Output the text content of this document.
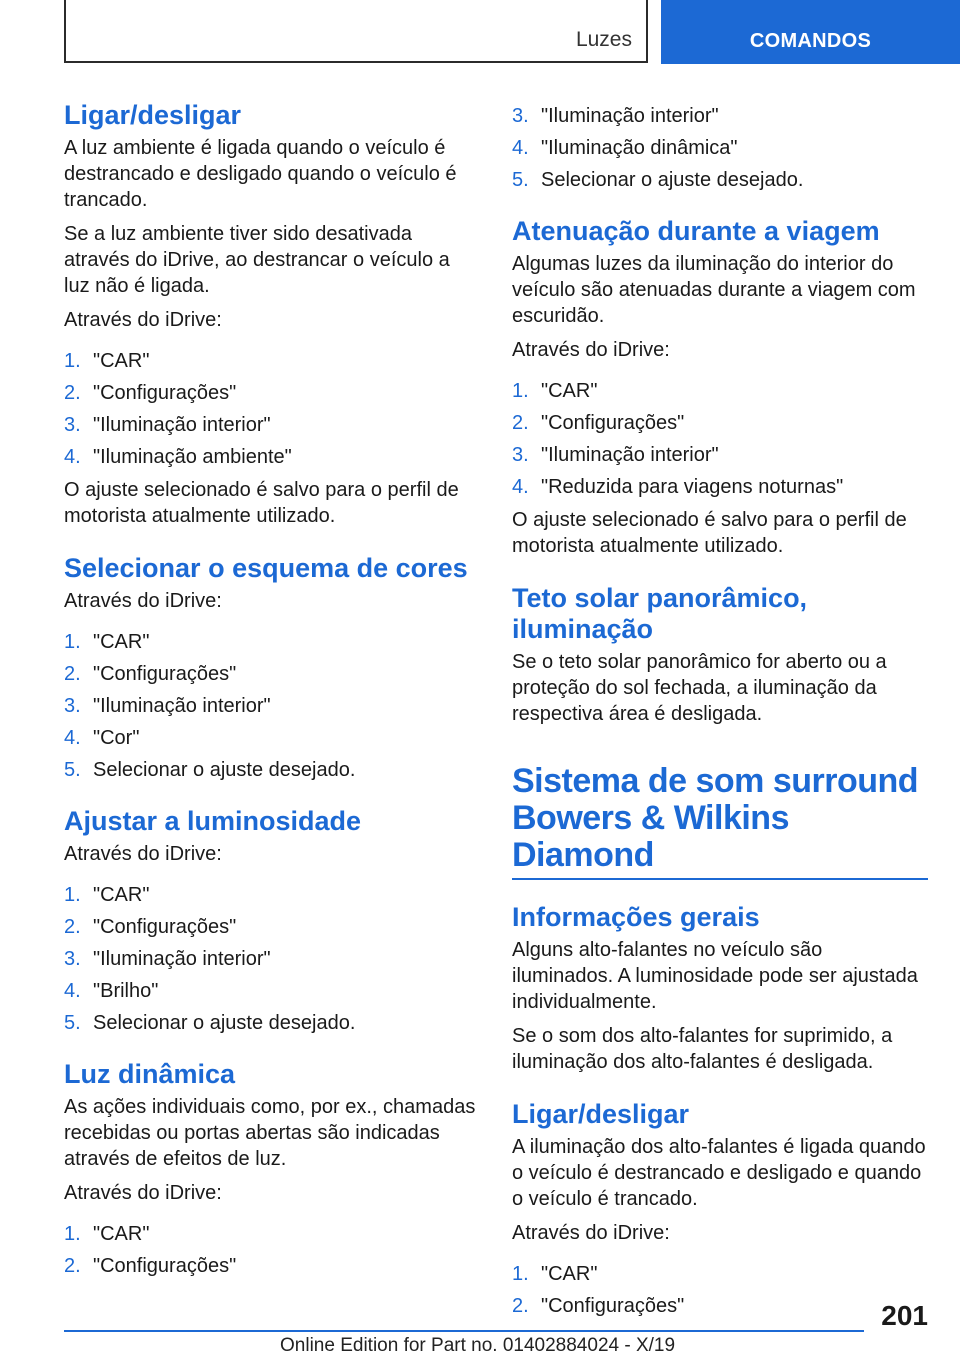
Luzes	COMANDOS
Ligar/desligar

A luz ambiente é ligada quando o veículo é destrancado e desligado quando o veículo é trancado.

Se a luz ambiente tiver sido desativada através do iDrive, ao destrancar o veículo a luz não é ligada.

Através do iDrive:

1. "CAR"
2. "Configurações"
3. "Iluminação interior"
4. "Iluminação ambiente"

O ajuste selecionado é salvo para o perfil de motorista atualmente utilizado.

Selecionar o esquema de cores

Através do iDrive:

1. "CAR"
2. "Configurações"
3. "Iluminação interior"
4. "Cor"
5. Selecionar o ajuste desejado.
Ajustar a luminosidade

Através do iDrive:

1. "CAR"
2. "Configurações"
3. "Iluminação interior"
4. "Brilho"
5. Selecionar o ajuste desejado.
Luz dinâmica

As ações individuais como, por ex., chamadas recebidas ou portas abertas são indicadas através de efeitos de luz.

Através do iDrive:

1. "CAR"
2. "Configurações"
3. "Iluminação interior"
4. "Iluminação dinâmica"
5. Selecionar o ajuste desejado.
Atenuação durante a viagem

Algumas luzes da iluminação do interior do veículo são atenuadas durante a viagem com escuridão.

Através do iDrive:

1. "CAR"
2. "Configurações"
3. "Iluminação interior"
4. "Reduzida para viagens noturnas"

O ajuste selecionado é salvo para o perfil de motorista atualmente utilizado.

Teto solar panorâmico, iluminação

Se o teto solar panorâmico for aberto ou a proteção do sol fechada, a iluminação da respectiva área é desligada.

Sistema de som surround Bowers & Wilkins Diamond
Informações gerais

Alguns alto-falantes no veículo são iluminados. A luminosidade pode ser ajustada individualmente.

Se o som dos alto-falantes for suprimido, a iluminação dos alto-falantes é desligada.

Ligar/desligar

A iluminação dos alto-falantes é ligada quando o veículo é destrancado e desligado e quando o veículo é trancado.

Através do iDrive:

1. "CAR"
2. "Configurações"	201
Online Edition for Part no. 01402884024 - X/19
